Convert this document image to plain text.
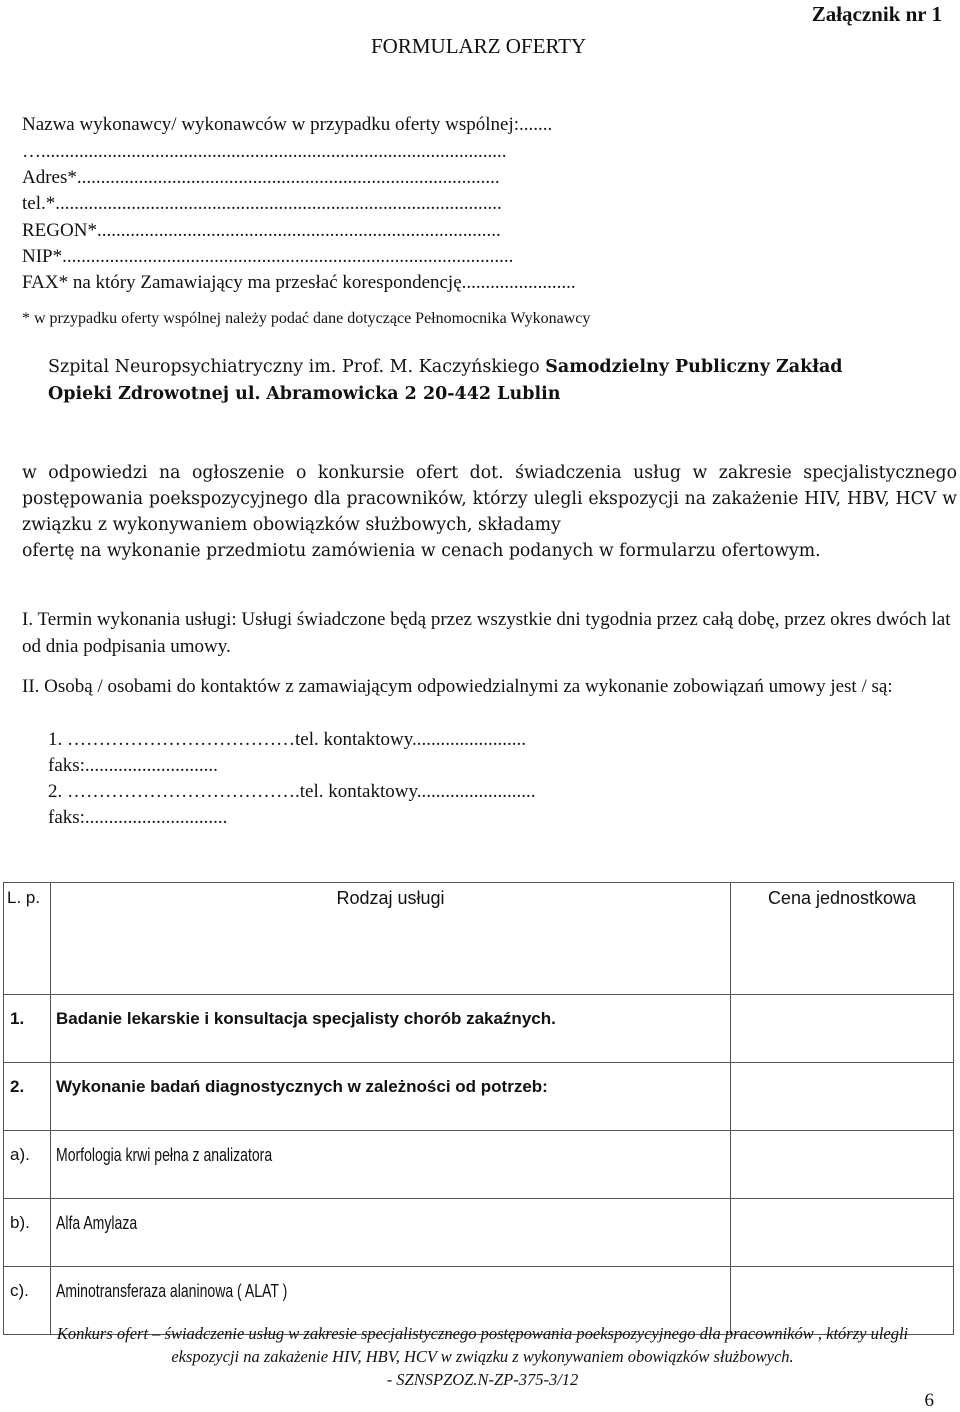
Załącznik nr 1
FORMULARZ OFERTY
Nazwa wykonawcy/ wykonawców w przypadku oferty wspólnej:.......
…..................................................................................................
Adres*.........................................................................................
tel.*..............................................................................................
REGON*.....................................................................................
NIP*...............................................................................................
FAX* na który Zamawiający ma przesłać korespondencję........................
* w przypadku oferty wspólnej należy podać dane dotyczące Pełnomocnika Wykonawcy
Szpital Neuropsychiatryczny im. Prof. M. Kaczyńskiego Samodzielny Publiczny Zakład
Opieki Zdrowotnej ul. Abramowicka 2 20-442 Lublin
w odpowiedzi na ogłoszenie o konkursie ofert dot. świadczenia usług w zakresie specjalistycznego postępowania poekspozycyjnego dla pracowników, którzy ulegli ekspozycji na zakażenie HIV, HBV, HCV w związku z wykonywaniem obowiązków służbowych, składamy
ofertę na wykonanie przedmiotu zamówienia w cenach podanych w formularzu ofertowym.
I. Termin wykonania usługi: Usługi świadczone będą przez wszystkie dni tygodnia przez całą dobę, przez okres dwóch lat od dnia podpisania umowy.
II. Osobą / osobami do kontaktów z zamawiającym odpowiedzialnymi za wykonanie zobowiązań umowy jest / są:
1. ………………………………tel. kontaktowy........................
faks:............................
2. ……………………………….tel. kontaktowy.........................
faks:..............................
L. p.	Rodzaj usługi	Cena jednostkowa
1.	Badanie lekarskie i konsultacja specjalisty chorób zakaźnych.	
2.	Wykonanie badań diagnostycznych w zależności od potrzeb:	
a).	Morfologia krwi pełna z analizatora	
b).	Alfa Amylaza	
c).	Aminotransferaza alaninowa ( ALAT )	
Konkurs ofert – świadczenie usług w zakresie specjalistycznego postępowania poekspozycyjnego dla pracowników , którzy ulegli ekspozycji na zakażenie HIV, HBV, HCV w związku z wykonywaniem obowiązków służbowych.
- SZNSPZOZ.N-ZP-375-3/12
6
